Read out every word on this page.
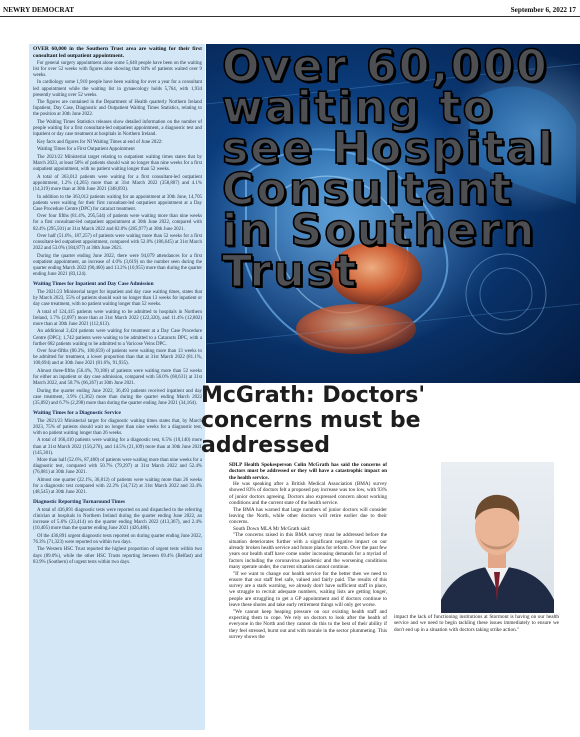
NEWRY DEMOCRAT	September 6, 2022 17

OVER 60,000 in the Southern Trust area are waiting for their first consultant led outpatient appointment.

For general surgery appointment alone some 5,640 people have been on the waiting list for over 52 weeks with figures also showing that 84% of patients waited over 9 weeks.

In cardiology some 1,910 people have been waiting for over a year for a consultant led appointment while the waiting list in gynaecology holds 5,764, with 1,934 presently waiting over 52 weeks.

The figures are contained in the Department of Health quarterly Northern Ireland Inpatient, Day Case, Diagnostic and Outpatient Waiting Times Statistics, relating to the position at 30th June 2022.

The Waiting Times Statistics releases show detailed information on the number of people waiting for a first consultant-led outpatient appointment, a diagnostic test and inpatient or day case treatment at hospitals in Northern Ireland.

Key facts and figures for NI Waiting Times at end of June 2022:

Waiting Times for a First Outpatient Appointment

The 2021/22 Ministerial target relating to outpatient waiting times states that by March 2023, at least 50% of patients should wait no longer than nine weeks for a first outpatient appointment, with no patient waiting longer than 52 weeks.

A total of 363,012 patients were waiting for a first consultant-led outpatient appointment, 1.2% (4,265) more than at 31st March 2022 (358,807) and 4.1% (14,319) more than at 30th June 2021 (348,693).

In addition to the 363,012 patients waiting for an appointment at 30th June, 14,705 patients were waiting for their first consultant-led outpatient appointment at a Day Case Procedure Centre (DPC) for cataract treatment.

Over four fifths (81.4%, 295,544) of patients were waiting more than nine weeks for a first consultant-led outpatient appointment at 30th June 2022, compared with 82.4% (295,501) at 31st March 2022 and 82.0% (285,977) at 30th June 2021.

Over half (51.6%, 187,257) of patients were waiting more than 52 weeks for a first consultant-led outpatient appointment, compared with 52.0% (186,645) at 31st March 2022 and 53.0% (184,877) at 30th June 2021.

During the quarter ending June 2022, there were 94,079 attendances for a first outpatient appointment, an increase of 4.0% (3,619) on the number seen during the quarter ending March 2022 (90,460) and 13.2% (10,955) more than during the quarter ending June 2021 (83,124).

Waiting Times for Inpatient and Day Case Admission

The 2021/23 Ministerial target for inpatient and day case waiting times, states that by March 2023, 55% of patients should wait no longer than 13 weeks for inpatient or day case treatment, with no patient waiting longer than 52 weeks.

A total of 124,415 patients were waiting to be admitted to hospitals in Northern Ireland, 1.7% (2,097) more than at 31st March 2022 (122,320), and 11.4% (12,802) more than at 30th June 2021 (112,613).

An additional 2,424 patients were waiting for treatment at a Day Case Procedure Centre (DPC); 1,742 patients were waiting to be admitted to a Cataracts DPC, with a further 682 patients waiting to be admitted to a Varicose Veins DPC.

Over four-fifths (80.3%, 100,659) of patients were waiting more than 13 weeks to be admitted for treatment, a lower proportion than that at 31st March 2022 (81.1%, 100,694) and at 30th June 2021 (81.6%, 91,935).

Almost three-fifths (56.4%, 70,186) of patients were waiting more than 52 weeks for either an inpatient or day case admission, compared with 56.0% (68,631) at 31st March 2022, and 58.7% (66,267) at 30th June 2021.

During the quarter ending June 2022, 36,493 patients received inpatient and day case treatment, 3.9% (1,362) more than during the quarter ending March 2022 (35,092) and 6.7% (2,298) more than during the quarter ending June 2021 (34,164).

Waiting Times for a Diagnostic Service

The 2021/23 Ministerial target for diagnostic waiting times states that, by March 2023, 75% of patients should wait no longer than nine weeks for a diagnostic test, with no patient waiting longer than 26 weeks.

A total of 166,410 patients were waiting for a diagnostic test, 6.5% (10,140) more than at 31st March 2022 (156,270), and 14.5% (21,109) more than at 30th June 2021 (145,301).

More than half (52.6%, 87,480) of patients were waiting more than nine weeks for a diagnostic test, compared with 50.7% (79,297) at 31st March 2022 and 52.4% (76,081) at 30th June 2021.

Almost one quarter (22.1%, 36,812) of patients were waiting more than 26 weeks for a diagnostic test compared with 22.2% (34,712) at 31st March 2022 and 33.4% (48,545) at 30th June 2021.

Diagnostic Reporting Turnaround Times

A total of 436,891 diagnostic tests were reported on and dispatched to the referring clinician at hospitals in Northern Ireland during the quarter ending June 2022, an increase of 5.6% (23,414) on the quarter ending March 2022 (413,367), and 2.4% (10,405) more than the quarter ending June 2021 (426,486).

Of the 436,891 urgent diagnostic tests reported on during quarter ending June 2022, 76.3% (71,323) were reported on within two days.

The Western HSC Trust reported the highest proportion of urgent tests within two days (89.0%), while the other HSC Trusts reporting between 69.4% (Belfast) and 83.9% (Southern) of urgent tests within two days.

Over 60,000 waiting to see Hospital Consultant in Southern Trust
McGrath: Doctors' concerns must be addressed

SDLP Health Spokesperson Colin McGrath has said the concerns of doctors must be addressed or they will have a catastrophic impact on the health service.

He was speaking after a British Medical Association (BMA) survey showed 83% of doctors felt a proposed pay increase was too low, with 93% of junior doctors agreeing. Doctors also expressed concern about working conditions and the current state of the health service.

The BMA has warned that large numbers of junior doctors will consider leaving the North, while other doctors will retire earlier due to their concerns.

South Down MLA Mr McGrath said:

"The concerns raised in this BMA survey must be addressed before the situation deteriorates further with a significant negative impact on our already broken health service and future plans for reform. Over the past few years our health staff have come under increasing demands for a myriad of factors including the coronavirus pandemic and the worsening conditions many operate under, the current situation cannot continue.

"If we want to change our health service for the better then we need to ensure that our staff feel safe, valued and fairly paid. The results of this survey are a stark warning, we already don't have sufficient staff in place, we struggle to recruit adequate numbers, waiting lists are getting longer, people are struggling to get a GP appointment and if doctors continue to leave these shores and take early retirement things will only get worse.

"We cannot keep heaping pressure on our existing health staff and expecting them to cope. We rely on doctors to look after the health of everyone in the North and they cannot do this to the best of their ability if they feel stressed, burnt out and with morale in the sector plummeting. This survey shows the

impact the lack of functioning institutions at Stormont is having on our health service and we need to begin tackling these issues immediately to ensure we don't end up in a situation with doctors taking strike action."
